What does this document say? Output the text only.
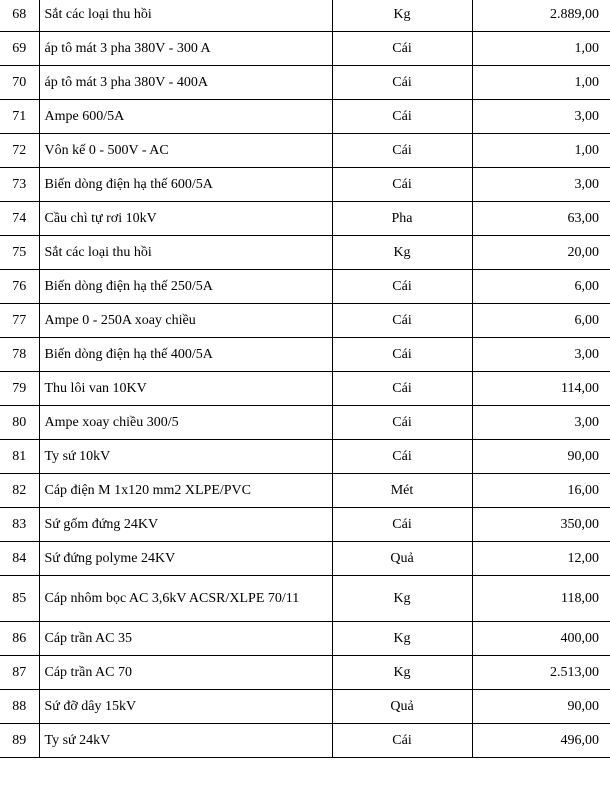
68	Sắt các loại thu hồi	Kg	2.889,00
69	áp tô mát 3 pha 380V - 300 A	Cái	1,00
70	áp tô mát 3 pha 380V - 400A	Cái	1,00
71	Ampe 600/5A	Cái	3,00
72	Vôn kế 0 - 500V - AC	Cái	1,00
73	Biến dòng điện hạ thế 600/5A	Cái	3,00
74	Cầu chì tự rơi 10kV	Pha	63,00
75	Sắt các loại thu hồi	Kg	20,00
76	Biến dòng điện hạ thế 250/5A	Cái	6,00
77	Ampe 0 - 250A xoay chiều	Cái	6,00
78	Biến dòng điện hạ thế 400/5A	Cái	3,00
79	Thu lôi van 10KV	Cái	114,00
80	Ampe xoay chiều 300/5	Cái	3,00
81	Ty sứ 10kV	Cái	90,00
82	Cáp điện M 1x120 mm2 XLPE/PVC	Mét	16,00
83	Sứ gốm đứng 24KV	Cái	350,00
84	Sứ đứng polyme 24KV	Quả	12,00
85	Cáp nhôm bọc AC 3,6kV ACSR/XLPE 70/11	Kg	118,00
86	Cáp trần AC 35	Kg	400,00
87	Cáp trần AC 70	Kg	2.513,00
88	Sứ đỡ dây 15kV	Quả	90,00
89	Ty sứ 24kV	Cái	496,00
